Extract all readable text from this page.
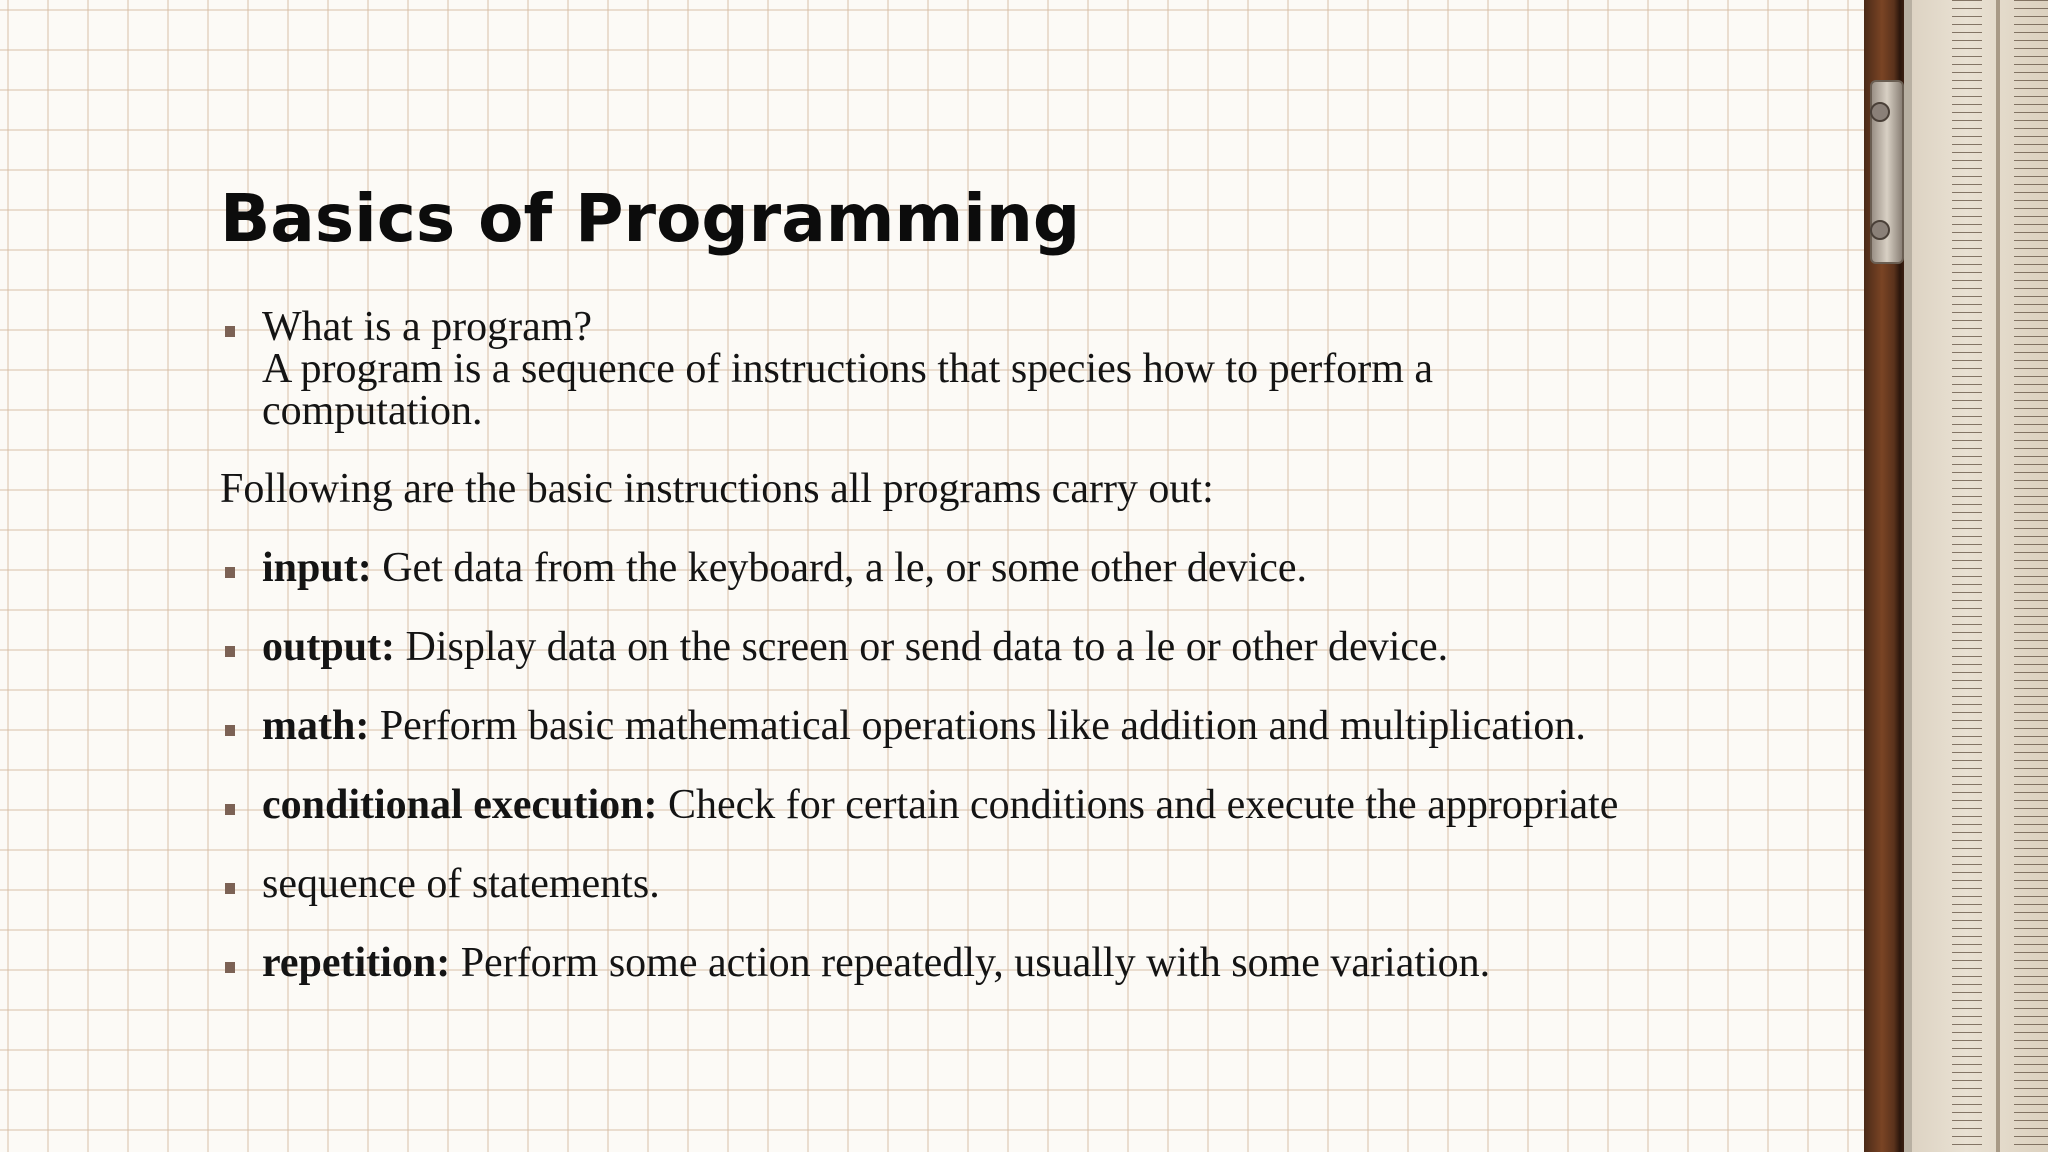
Basics of Programming
What is a program?
A program is a sequence of instructions that species how to perform a
computation.
Following are the basic instructions all programs carry out:
input: Get data from the keyboard, a le, or some other device.
output: Display data on the screen or send data to a le or other device.
math: Perform basic mathematical operations like addition and multiplication.
conditional execution: Check for certain conditions and execute the appropriate
sequence of statements.
repetition: Perform some action repeatedly, usually with some variation.
